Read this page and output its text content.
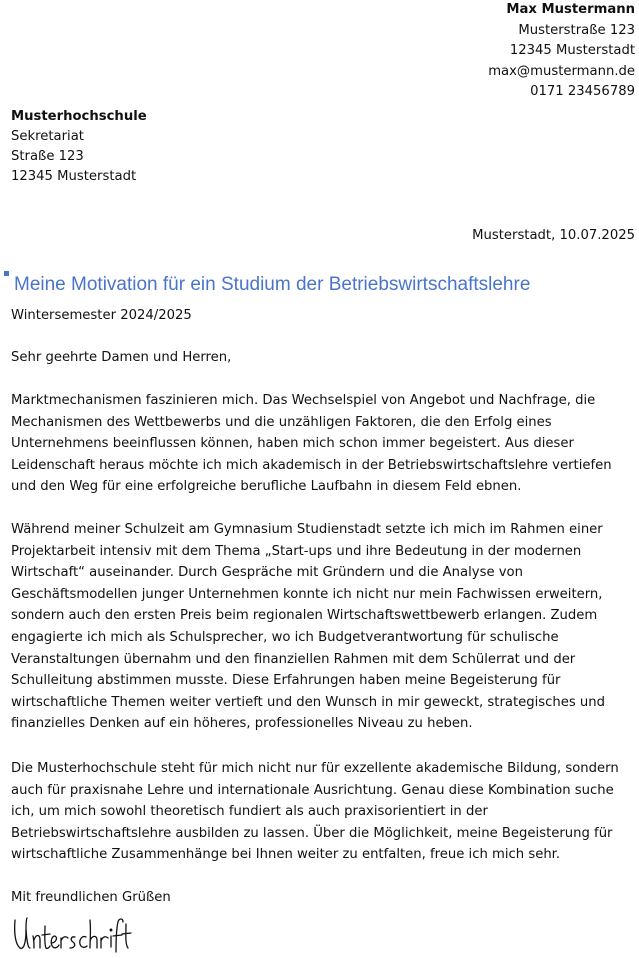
Max Mustermann
Musterstraße 123
12345 Musterstadt
max@mustermann.de
0171 23456789
Musterhochschule
Sekretariat
Straße 123
12345 Musterstadt
Musterstadt, 10.07.2025
Meine Motivation für ein Studium der Betriebswirtschaftslehre
Wintersemester 2024/2025
Sehr geehrte Damen und Herren,

Marktmechanismen faszinieren mich. Das Wechselspiel von Angebot und Nachfrage, die Mechanismen des Wettbewerbs und die unzähligen Faktoren, die den Erfolg eines Unternehmens beeinflussen können, haben mich schon immer begeistert. Aus dieser Leidenschaft heraus möchte ich mich akademisch in der Betriebswirtschaftslehre vertiefen und den Weg für eine erfolgreiche berufliche Laufbahn in diesem Feld ebnen.

Während meiner Schulzeit am Gymnasium Studienstadt setzte ich mich im Rahmen einer Projektarbeit intensiv mit dem Thema „Start-ups und ihre Bedeutung in der modernen Wirtschaft“ auseinander. Durch Gespräche mit Gründern und die Analyse von Geschäftsmodellen junger Unternehmen konnte ich nicht nur mein Fachwissen erweitern, sondern auch den ersten Preis beim regionalen Wirtschaftswettbewerb erlangen. Zudem engagierte ich mich als Schulsprecher, wo ich Budgetverantwortung für schulische Veranstaltungen übernahm und den finanziellen Rahmen mit dem Schülerrat und der Schulleitung abstimmen musste. Diese Erfahrungen haben meine Begeisterung für wirtschaftliche Themen weiter vertieft und den Wunsch in mir geweckt, strategisches und finanzielles Denken auf ein höheres, professionelles Niveau zu heben.

Die Musterhochschule steht für mich nicht nur für exzellente akademische Bildung, sondern auch für praxisnahe Lehre und internationale Ausrichtung. Genau diese Kombination suche ich, um mich sowohl theoretisch fundiert als auch praxisorientiert in der Betriebswirtschaftslehre ausbilden zu lassen. Über die Möglichkeit, meine Begeisterung für wirtschaftliche Zusammenhänge bei Ihnen weiter zu entfalten, freue ich mich sehr.

Mit freundlichen Grüßen
